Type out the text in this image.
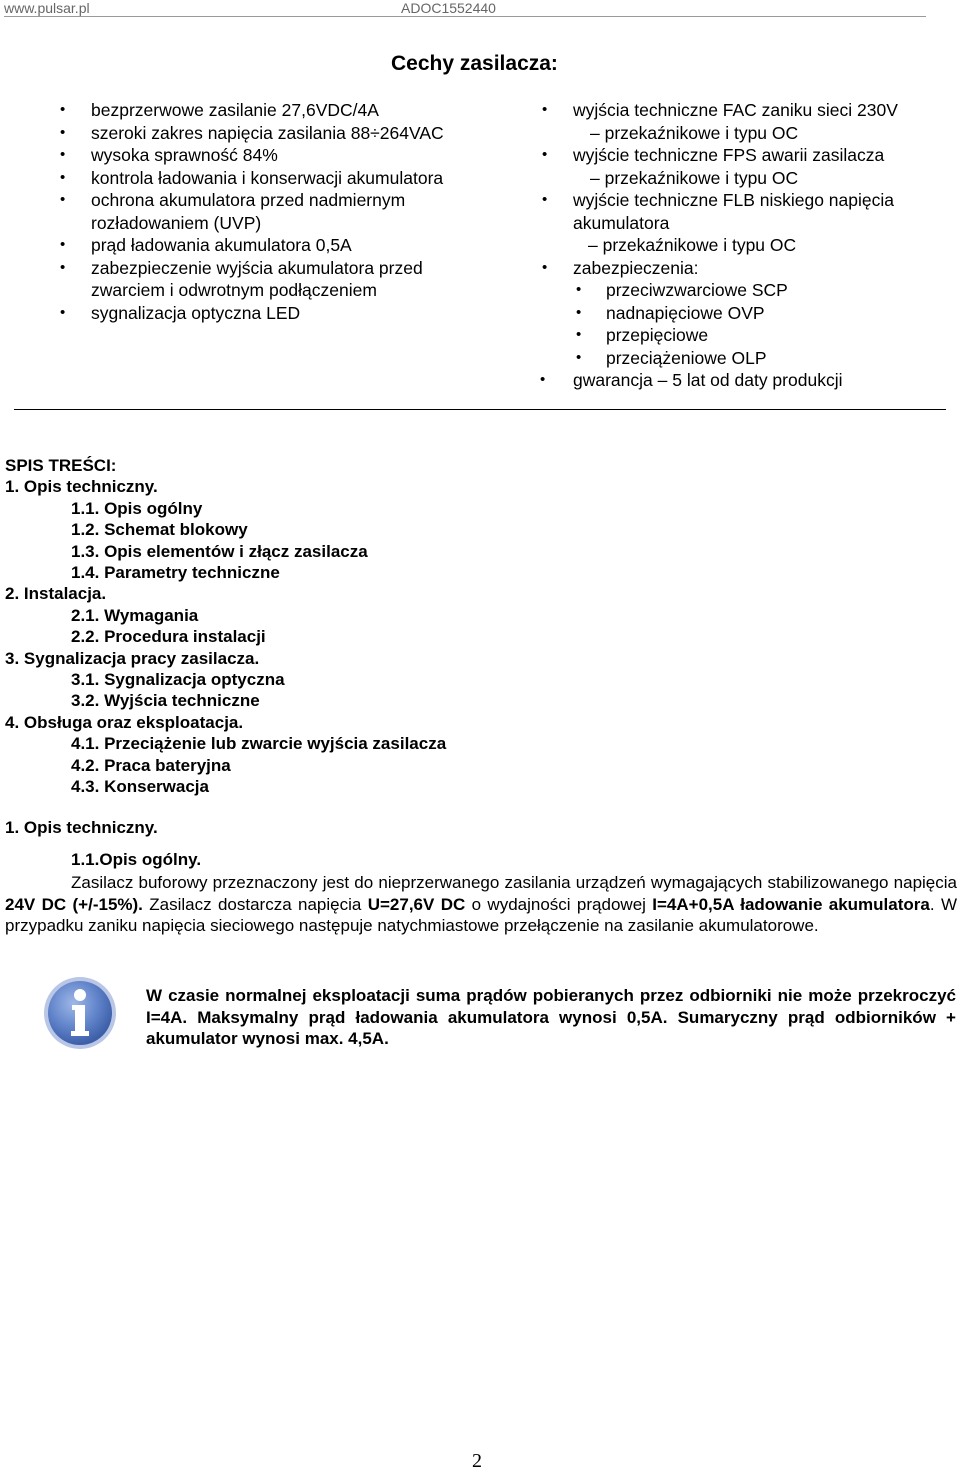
www.pulsar.pl	ADOC1552440
Cechy zasilacza:
• bezprzerwowe zasilanie 27,6VDC/4A
• szeroki zakres napięcia zasilania 88÷264VAC
• wysoka sprawność 84%
• kontrola ładowania i konserwacji akumulatora
• ochrona akumulatora przed nadmiernym
rozładowaniem (UVP)
• prąd ładowania akumulatora 0,5A
• zabezpieczenie wyjścia akumulatora przed
zwarciem i odwrotnym podłączeniem
• sygnalizacja optyczna LED
• wyjścia techniczne FAC zaniku sieci 230V
– przekaźnikowe i typu OC
• wyjście techniczne FPS awarii zasilacza
– przekaźnikowe i typu OC
• wyjście techniczne FLB niskiego napięcia
akumulatora
– przekaźnikowe i typu OC
• zabezpieczenia:
• przeciwzwarciowe SCP
• nadnapięciowe OVP
• przepięciowe
• przeciążeniowe OLP
• gwarancja – 5 lat od daty produkcji
SPIS TREŚCI:
1. Opis techniczny.
1.1. Opis ogólny
1.2. Schemat blokowy
1.3. Opis elementów i złącz zasilacza
1.4. Parametry techniczne
2. Instalacja.
2.1. Wymagania
2.2. Procedura instalacji
3. Sygnalizacja pracy zasilacza.
3.1. Sygnalizacja optyczna
3.2. Wyjścia techniczne
4. Obsługa oraz eksploatacja.
4.1. Przeciążenie lub zwarcie wyjścia zasilacza
4.2. Praca bateryjna
4.3. Konserwacja
1. Opis techniczny.
1.1.Opis ogólny.
Zasilacz buforowy przeznaczony jest do nieprzerwanego zasilania urządzeń wymagających stabilizowanego napięcia 24V DC (+/-15%). Zasilacz dostarcza napięcia U=27,6V DC o wydajności prądowej I=4A+0,5A ładowanie akumulatora. W przypadku zaniku napięcia sieciowego następuje natychmiastowe przełączenie na zasilanie akumulatorowe.
W czasie normalnej eksploatacji suma prądów pobieranych przez odbiorniki nie może przekroczyć I=4A. Maksymalny prąd ładowania akumulatora wynosi 0,5A. Sumaryczny prąd odbiorników + akumulator wynosi max. 4,5A.
2
